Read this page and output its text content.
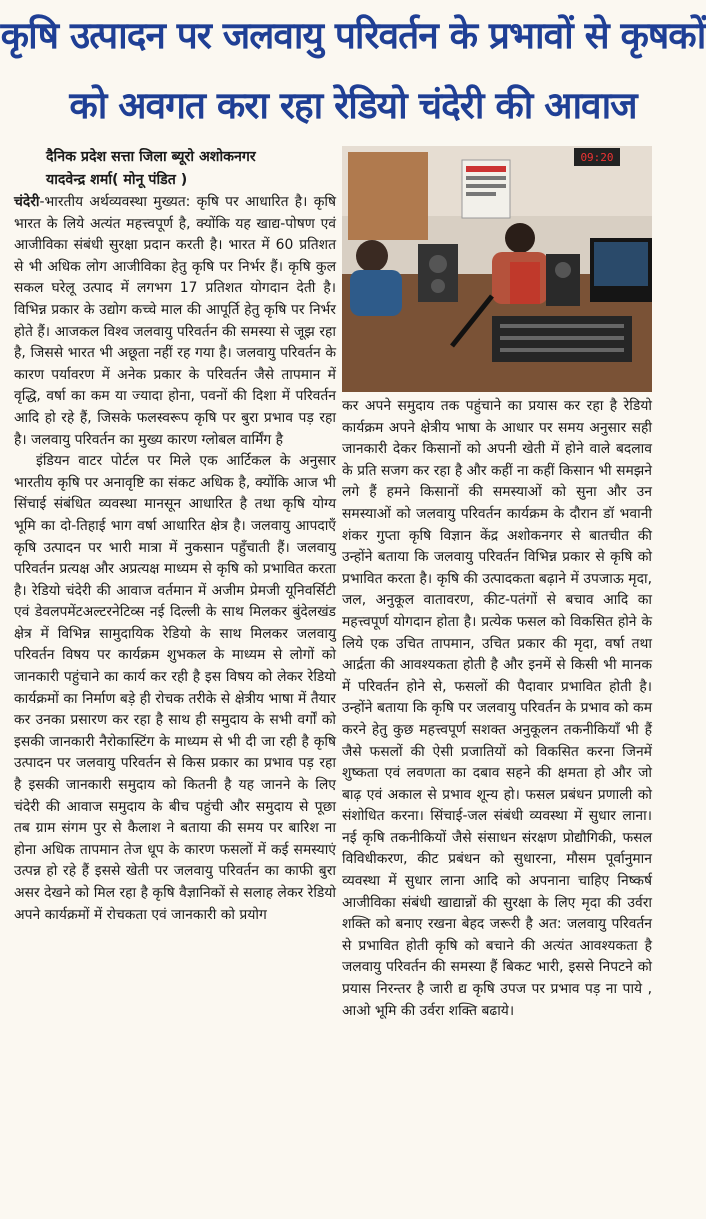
कृषि उत्पादन पर जलवायु परिवर्तन के प्रभावों से कृषकों
को अवगत करा रहा रेडियो चंदेरी की आवाज
दैनिक प्रदेश सत्ता जिला ब्यूरो अशोकनगर
यादवेन्द्र शर्मा( मोनू पंडित )

चंदेरी-भारतीय अर्थव्यवस्था मुख्यत: कृषि पर आधारित है। कृषि भारत के लिये अत्यंत महत्त्वपूर्ण है, क्योंकि यह खाद्य-पोषण एवं आजीविका संबंधी सुरक्षा प्रदान करती है। भारत में 60 प्रतिशत से भी अधिक लोग आजीविका हेतु कृषि पर निर्भर हैं। कृषि कुल सकल घरेलू उत्पाद में लगभग 17 प्रतिशत योगदान देती है। विभिन्न प्रकार के उद्योग कच्चे माल की आपूर्ति हेतु कृषि पर निर्भर होते हैं। आजकल विश्व जलवायु परिवर्तन की समस्या से जूझ रहा है, जिससे भारत भी अछूता नहीं रह गया है। जलवायु परिवर्तन के कारण पर्यावरण में अनेक प्रकार के परिवर्तन जैसे तापमान में वृद्धि, वर्षा का कम या ज्यादा होना, पवनों की दिशा में परिवर्तन आदि हो रहे हैं, जिसके फलस्वरूप कृषि पर बुरा प्रभाव पड़ रहा है। जलवायु परिवर्तन का मुख्य कारण ग्लोबल वार्मिंग है

इंडियन वाटर पोर्टल पर मिले एक आर्टिकल के अनुसार भारतीय कृषि पर अनावृष्टि का संकट अधिक है, क्योंकि आज भी सिंचाई संबंधित व्यवस्था मानसून आधारित है तथा कृषि योग्य भूमि का दो-तिहाई भाग वर्षा आधारित क्षेत्र है। जलवायु आपदाएँ कृषि उत्पादन पर भारी मात्रा में नुकसान पहुँचाती हैं। जलवायु परिवर्तन प्रत्यक्ष और अप्रत्यक्ष माध्यम से कृषि को प्रभावित करता है। रेडियो चंदेरी की आवाज वर्तमान में अजीम प्रेमजी यूनिवर्सिटी एवं डेवलपमेंटअल्टरनेटिव्स नई दिल्ली के साथ मिलकर बुंदेलखंड क्षेत्र में विभिन्न सामुदायिक रेडियो के साथ मिलकर जलवायु परिवर्तन विषय पर कार्यक्रम शुभकल के माध्यम से लोगों को जानकारी पहुंचाने का कार्य कर रही है इस विषय को लेकर रेडियो कार्यक्रमों का निर्माण बड़े ही रोचक तरीके से क्षेत्रीय भाषा में तैयार कर उनका प्रसारण कर रहा है साथ ही समुदाय के सभी वर्गों को इसकी जानकारी नैरोकास्टिंग के माध्यम से भी दी जा रही है कृषि उत्पादन पर जलवायु परिवर्तन से किस प्रकार का प्रभाव पड़ रहा है इसकी जानकारी समुदाय को कितनी है यह जानने के लिए चंदेरी की आवाज समुदाय के बीच पहुंची और समुदाय से पूछा तब ग्राम संगम पुर से कैलाश ने बताया की समय पर बारिश ना होना अधिक तापमान तेज धूप के कारण फसलों में कई समस्याएं उत्पन्न हो रहे हैं इससे खेती पर जलवायु परिवर्तन का काफी बुरा असर देखने को मिल रहा है कृषि वैज्ञानिकों से सलाह लेकर रेडियो अपने कार्यक्रमों में रोचकता एवं जानकारी को प्रयोग

09:20

कर अपने समुदाय तक पहुंचाने का प्रयास कर रहा है रेडियो कार्यक्रम अपने क्षेत्रीय भाषा के आधार पर समय अनुसार सही जानकारी देकर किसानों को अपनी खेती में होने वाले बदलाव के प्रति सजग कर रहा है और कहीं ना कहीं किसान भी समझने लगे हैं हमने किसानों की समस्याओं को सुना और उन समस्याओं को जलवायु परिवर्तन कार्यक्रम के दौरान डॉ भवानी शंकर गुप्ता कृषि विज्ञान केंद्र अशोकनगर से बातचीत की उन्होंने बताया कि जलवायु परिवर्तन विभिन्न प्रकार से कृषि को प्रभावित करता है। कृषि की उत्पादकता बढ़ाने में उपजाऊ मृदा, जल, अनुकूल वातावरण, कीट-पतंगों से बचाव आदि का महत्त्वपूर्ण योगदान होता है। प्रत्येक फसल को विकसित होने के लिये एक उचित तापमान, उचित प्रकार की मृदा, वर्षा तथा आर्द्रता की आवश्यकता होती है और इनमें से किसी भी मानक में परिवर्तन होने से, फसलों की पैदावार प्रभावित होती है। उन्होंने बताया कि कृषि पर जलवायु परिवर्तन के प्रभाव को कम करने हेतु कुछ महत्त्वपूर्ण सशक्त अनुकूलन तकनीकियाँ भी हैं जैसे फसलों की ऐसी प्रजातियों को विकसित करना जिनमें शुष्कता एवं लवणता का दबाव सहने की क्षमता हो और जो बाढ़ एवं अकाल से प्रभाव शून्य हो। फसल प्रबंधन प्रणाली को संशोधित करना। सिंचाई-जल संबंधी व्यवस्था में सुधार लाना। नई कृषि तकनीकियों जैसे संसाधन संरक्षण प्रोद्यौगिकी, फसल विविधीकरण, कीट प्रबंधन को सुधारना, मौसम पूर्वानुमान व्यवस्था में सुधार लाना आदि को अपनाना चाहिए निष्कर्ष आजीविका संबंधी खाद्यान्नों की सुरक्षा के लिए मृदा की उर्वरा शक्ति को बनाए रखना बेहद जरूरी है अत: जलवायु परिवर्तन से प्रभावित होती कृषि को बचाने की अत्यंत आवश्यकता है जलवायु परिवर्तन की समस्या हैं बिकट भारी, इससे निपटने को प्रयास निरन्तर है जारी द्य कृषि उपज पर प्रभाव पड़ ना पाये , आओ भूमि की उर्वरा शक्ति बढाये।
